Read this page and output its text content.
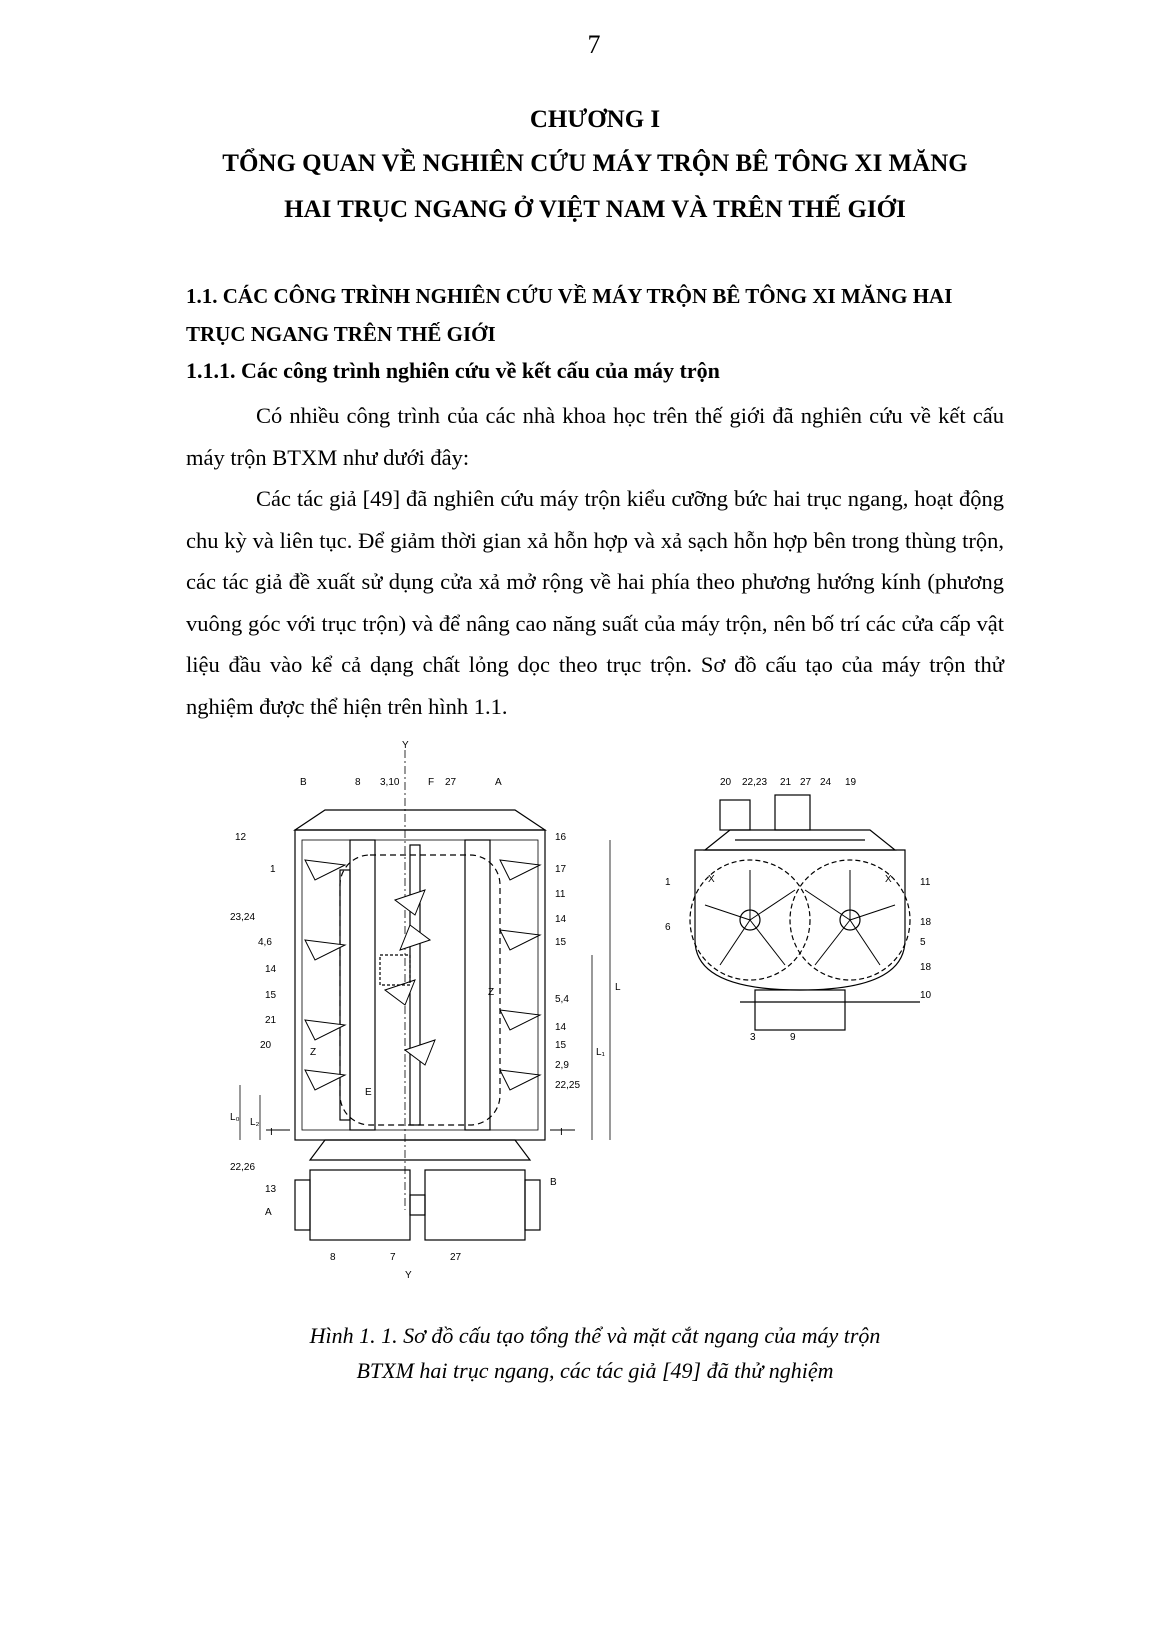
7
CHƯƠNG I
TỔNG QUAN VỀ NGHIÊN CỨU MÁY TRỘN BÊ TÔNG XI MĂNG
HAI TRỤC NGANG Ở VIỆT NAM VÀ TRÊN THẾ GIỚI
1.1. CÁC CÔNG TRÌNH NGHIÊN CỨU VỀ MÁY TRỘN BÊ TÔNG XI MĂNG HAI
TRỤC NGANG TRÊN THẾ GIỚI
1.1.1. Các công trình nghiên cứu về kết cấu của máy trộn
Có nhiều công trình của các nhà khoa học trên thế giới đã nghiên cứu về kết cấu máy trộn BTXM như dưới đây:
Các tác giả [49] đã nghiên cứu máy trộn kiểu cưỡng bức hai trục ngang, hoạt động chu kỳ và liên tục. Để giảm thời gian xả hỗn hợp và xả sạch hỗn hợp bên trong thùng trộn, các tác giả đề xuất sử dụng cửa xả mở rộng về hai phía theo phương hướng kính (phương vuông góc với trục trộn) và để nâng cao năng suất của máy trộn, nên bố trí các cửa cấp vật liệu đầu vào kể cả dạng chất lỏng dọc theo trục trộn. Sơ đồ cấu tạo của máy trộn thử nghiệm được thể hiện trên hình 1.1.
B	8 3,10	F 27	A
Y
12
1
23,24
4,6
14
15
21
20
Z
22,26
13
A
16
17
11
14
15
Z
5,4
14
15
2,9
22,25
B
8	7	27
Y
E
I	I
L
L₁
L₀ L₂
20 22,23 21 27 24 19
1
6
11
18
5
18
10
3	9
X	X
Hình 1. 1. Sơ đồ cấu tạo tổng thể và mặt cắt ngang của máy trộn
BTXM hai trục ngang, các tác giả [49] đã thử nghiệm
